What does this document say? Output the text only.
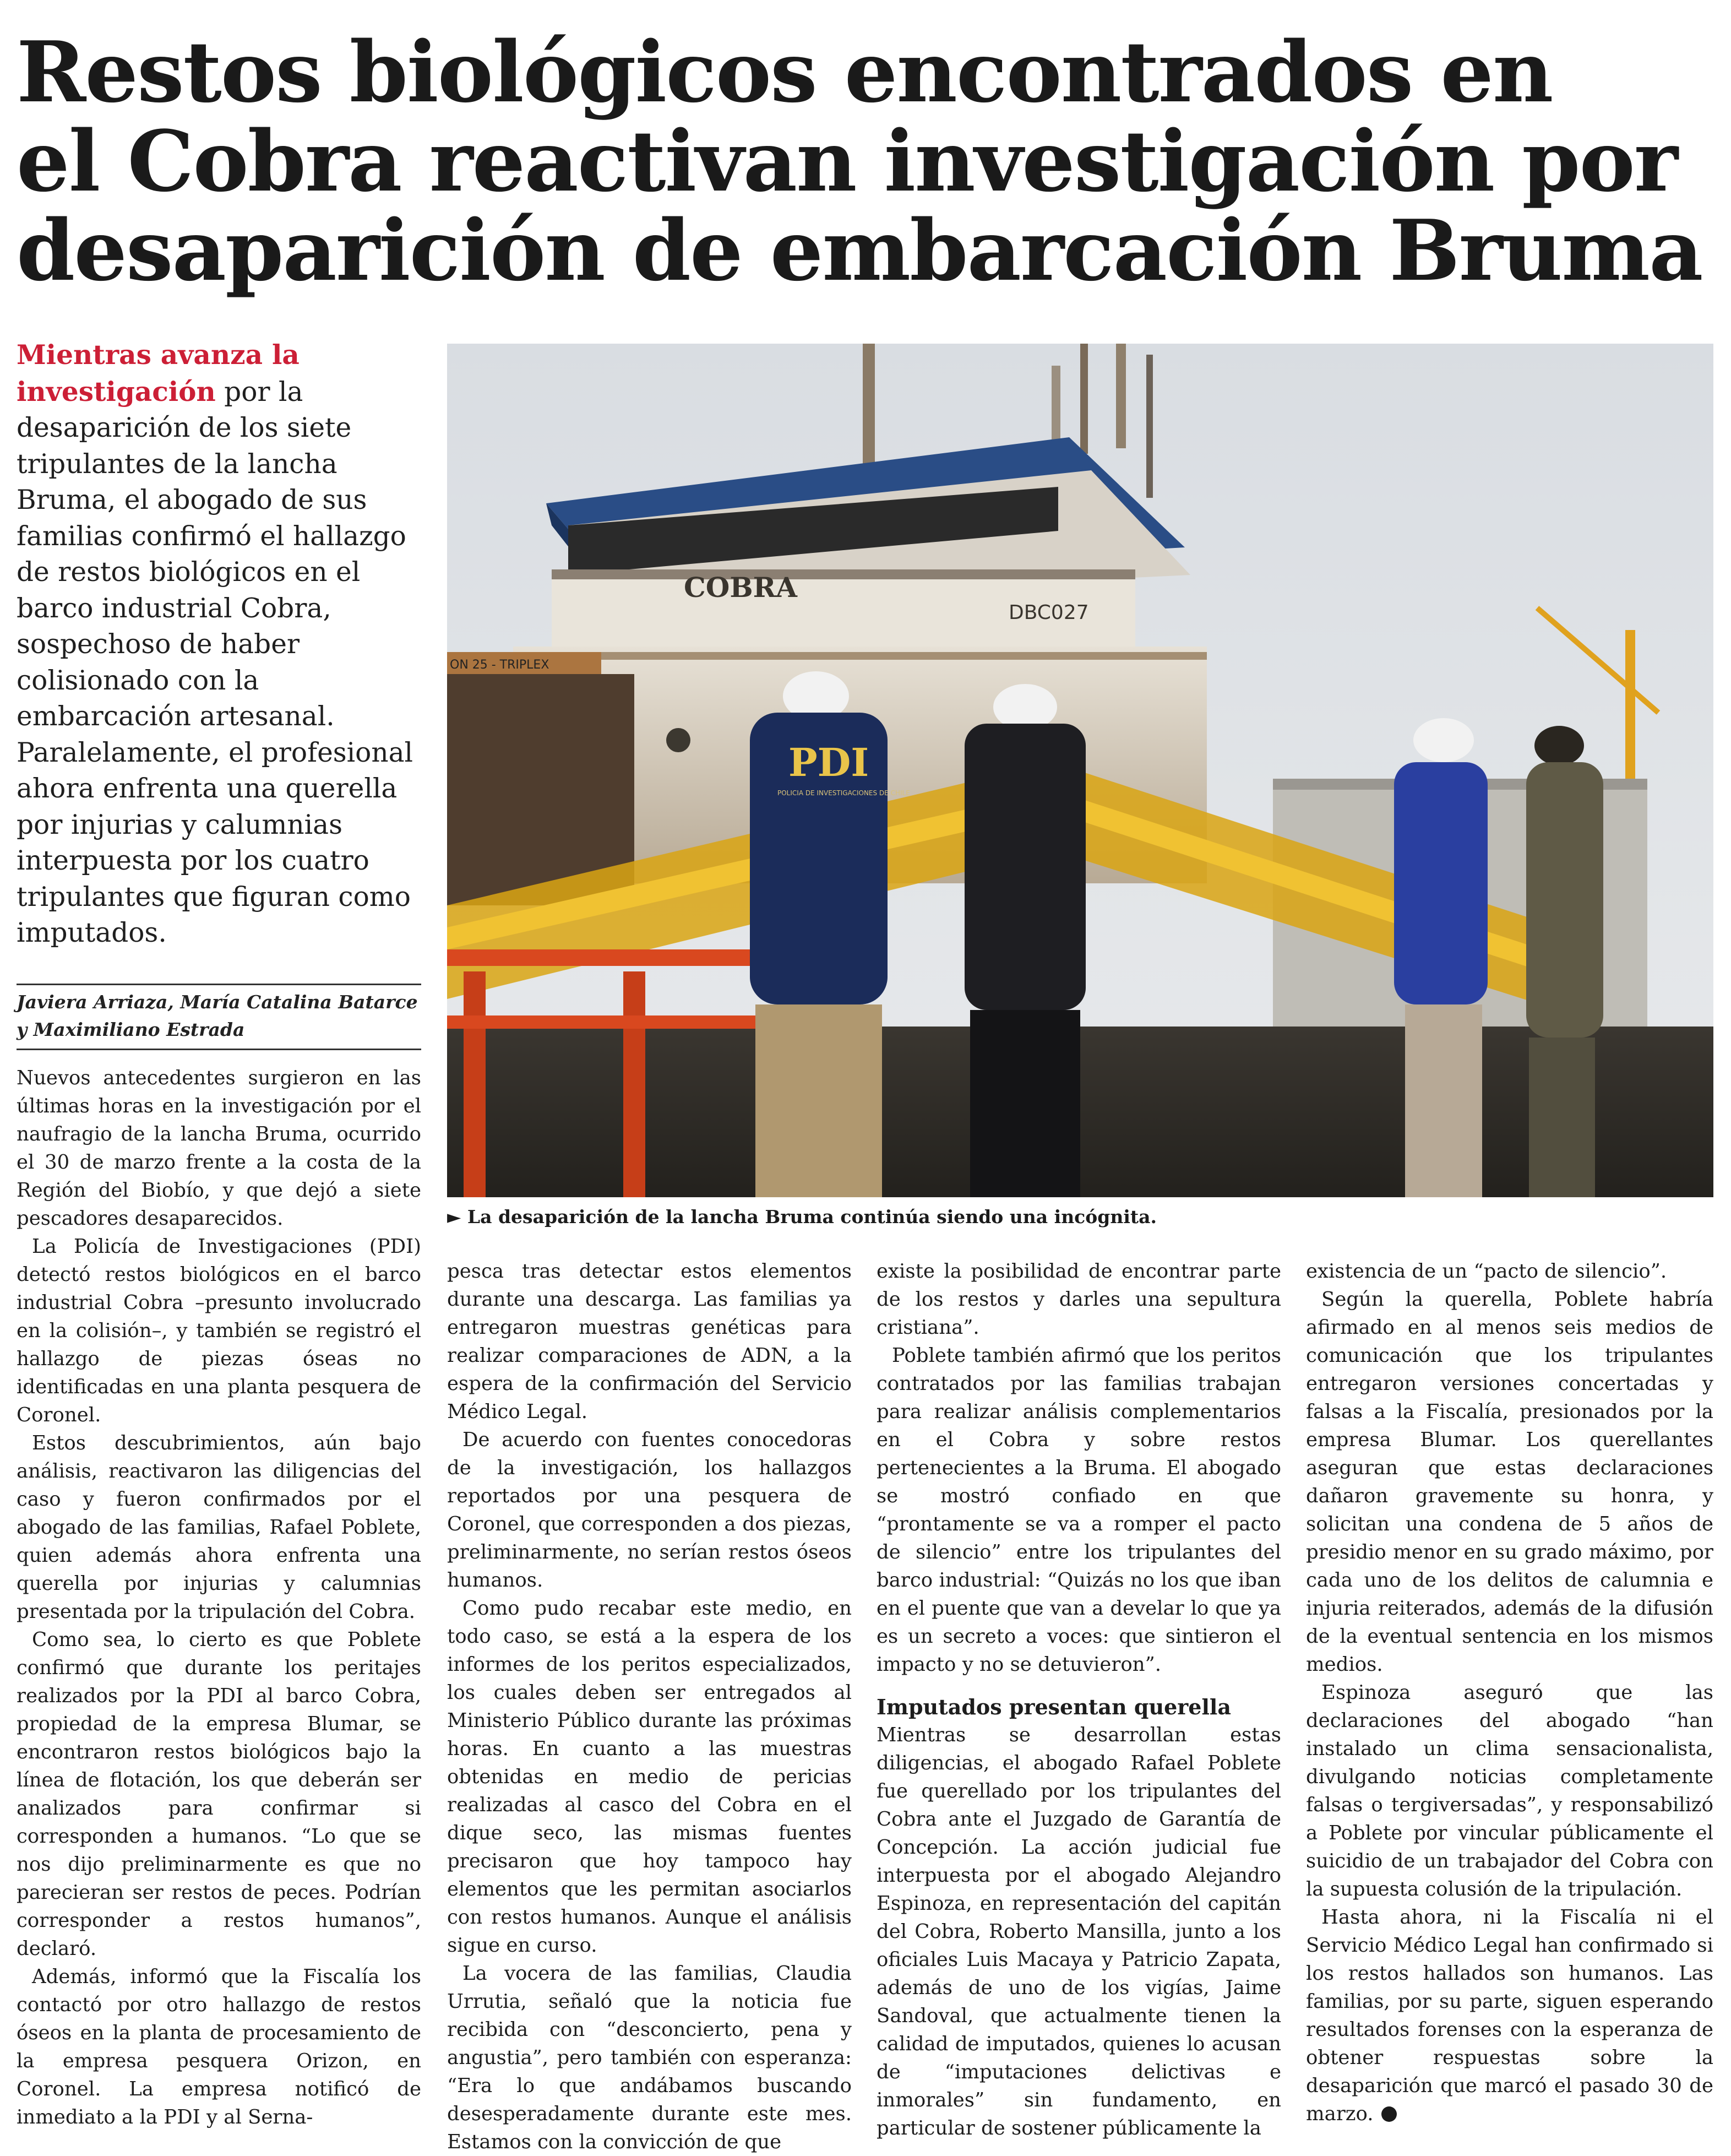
Restos biológicos encontrados en
el Cobra reactivan investigación por
desaparición de embarcación Bruma

Mientras avanza la investigación por la desaparición de los siete tripulantes de la lancha Bruma, el abogado de sus familias confirmó el hallazgo de restos biológicos en el barco industrial Cobra, sospechoso de haber colisionado con la embarcación artesanal. Paralelamente, el profesional ahora enfrenta una querella por injurias y calumnias interpuesta por los cuatro tripulantes que figuran como imputados.

Javiera Arriaza, María Catalina Batarce
y Maximiliano Estrada

COBRA
DBC027
ON 25 - TRIPLEX
PDI
POLICIA DE INVESTIGACIONES DE CHILE

► La desaparición de la lancha Bruma continúa siendo una incógnita.

Nuevos antecedentes surgieron en las últimas horas en la investigación por el naufragio de la lancha Bruma, ocurrido el 30 de marzo frente a la costa de la Región del Biobío, y que dejó a siete pescadores desaparecidos.

La Policía de Investigaciones (PDI) detectó restos biológicos en el barco industrial Cobra –presunto involucrado en la colisión–, y también se registró el hallazgo de piezas óseas no identificadas en una planta pesquera de Coronel.

Estos descubrimientos, aún bajo análisis, reactivaron las diligencias del caso y fueron confirmados por el abogado de las familias, Rafael Poblete, quien además ahora enfrenta una querella por injurias y calumnias presentada por la tripulación del Cobra.

Como sea, lo cierto es que Poblete confirmó que durante los peritajes realizados por la PDI al barco Cobra, propiedad de la empresa Blumar, se encontraron restos biológicos bajo la línea de flotación, los que deberán ser analizados para confirmar si corresponden a humanos. “Lo que se nos dijo preliminarmente es que no parecieran ser restos de peces. Podrían corresponder a restos humanos”, declaró.

Además, informó que la Fiscalía los contactó por otro hallazgo de restos óseos en la planta de procesamiento de la empresa pesquera Orizon, en Coronel. La empresa notificó de inmediato a la PDI y al Serna-

pesca tras detectar estos elementos durante una descarga. Las familias ya entregaron muestras genéticas para realizar comparaciones de ADN, a la espera de la confirmación del Servicio Médico Legal.

De acuerdo con fuentes conocedoras de la investigación, los hallazgos reportados por una pesquera de Coronel, que corresponden a dos piezas, preliminarmente, no serían restos óseos humanos.

Como pudo recabar este medio, en todo caso, se está a la espera de los informes de los peritos especializados, los cuales deben ser entregados al Ministerio Público durante las próximas horas. En cuanto a las muestras obtenidas en medio de pericias realizadas al casco del Cobra en el dique seco, las mismas fuentes precisaron que hoy tampoco hay elementos que les permitan asociarlos con restos humanos. Aunque el análisis sigue en curso.

La vocera de las familias, Claudia Urrutia, señaló que la noticia fue recibida con “desconcierto, pena y angustia”, pero también con esperanza: “Era lo que andábamos buscando desesperadamente durante este mes. Estamos con la convicción de que

existe la posibilidad de encontrar parte de los restos y darles una sepultura cristiana”.

Poblete también afirmó que los peritos contratados por las familias trabajan para realizar análisis complementarios en el Cobra y sobre restos pertenecientes a la Bruma. El abogado se mostró confiado en que “prontamente se va a romper el pacto de silencio” entre los tripulantes del barco industrial: “Quizás no los que iban en el puente que van a develar lo que ya es un secreto a voces: que sintieron el impacto y no se detuvieron”.

Imputados presentan querella

Mientras se desarrollan estas diligencias, el abogado Rafael Poblete fue querellado por los tripulantes del Cobra ante el Juzgado de Garantía de Concepción. La acción judicial fue interpuesta por el abogado Alejandro Espinoza, en representación del capitán del Cobra, Roberto Mansilla, junto a los oficiales Luis Macaya y Patricio Zapata, además de uno de los vigías, Jaime Sandoval, que actualmente tienen la calidad de imputados, quienes lo acusan de “imputaciones delictivas e inmorales” sin fundamento, en particular de sostener públicamente la

existencia de un “pacto de silencio”.

Según la querella, Poblete habría afirmado en al menos seis medios de comunicación que los tripulantes entregaron versiones concertadas y falsas a la Fiscalía, presionados por la empresa Blumar. Los querellantes aseguran que estas declaraciones dañaron gravemente su honra, y solicitan una condena de 5 años de presidio menor en su grado máximo, por cada uno de los delitos de calumnia e injuria reiterados, además de la difusión de la eventual sentencia en los mismos medios.

Espinoza aseguró que las declaraciones del abogado “han instalado un clima sensacionalista, divulgando noticias completamente falsas o tergiversadas”, y responsabilizó a Poblete por vincular públicamente el suicidio de un trabajador del Cobra con la supuesta colusión de la tripulación.

Hasta ahora, ni la Fiscalía ni el Servicio Médico Legal han confirmado si los restos hallados son humanos. Las familias, por su parte, siguen esperando resultados forenses con la esperanza de obtener respuestas sobre la desaparición que marcó el pasado 30 de marzo.
